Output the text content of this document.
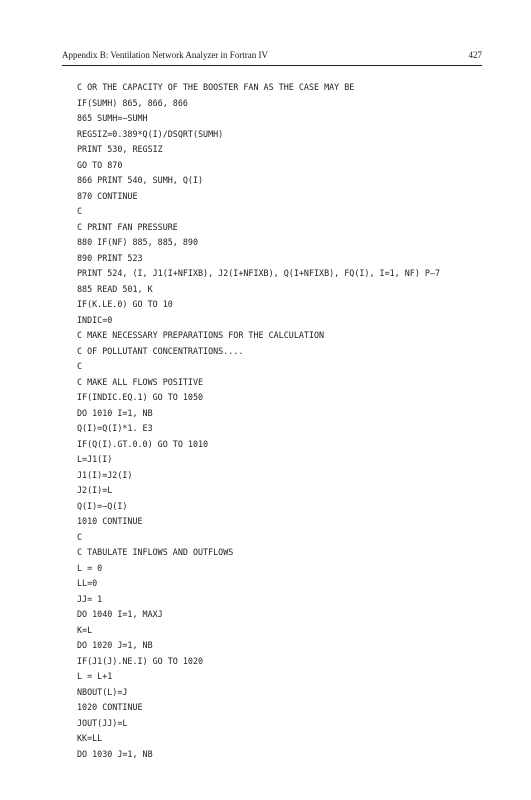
Appendix B: Ventilation Network Analyzer in Fortran IV	427
C OR THE CAPACITY OF THE BOOSTER FAN AS THE CASE MAY BE
IF(SUMH) 865, 866, 866
865 SUMH=−SUMH
REGSIZ=0.389*Q(I)/DSQRT(SUMH)
PRINT 530, REGSIZ
GO TO 870
866 PRINT 540, SUMH, Q(I)
870 CONTINUE
C
C PRINT FAN PRESSURE
880 IF(NF) 885, 885, 890
890 PRINT 523
PRINT 524, (I, J1(I+NFIXB), J2(I+NFIXB), Q(I+NFIXB), FQ(I), I=1, NF) P—7
885 READ 501, K
IF(K.LE.0) GO TO 10
INDIC=0
C MAKE NECESSARY PREPARATIONS FOR THE CALCULATION
C OF POLLUTANT CONCENTRATIONS....
C
C MAKE ALL FLOWS POSITIVE
IF(INDIC.EQ.1) GO TO 1050
DO 1010 I=1, NB
Q(I)=Q(I)*1. E3
IF(Q(I).GT.0.0) GO TO 1010
L=J1(I)
J1(I)=J2(I)
J2(I)=L
Q(I)=−Q(I)
1010 CONTINUE
C
C TABULATE INFLOWS AND OUTFLOWS
L = 0
LL=0
JJ= 1
DO 1040 I=1, MAXJ
K=L
DO 1020 J=1, NB
IF(J1(J).NE.I) GO TO 1020
L = L+1
NBOUT(L)=J
1020 CONTINUE
JOUT(JJ)=L
KK=LL
DO 1030 J=1, NB
